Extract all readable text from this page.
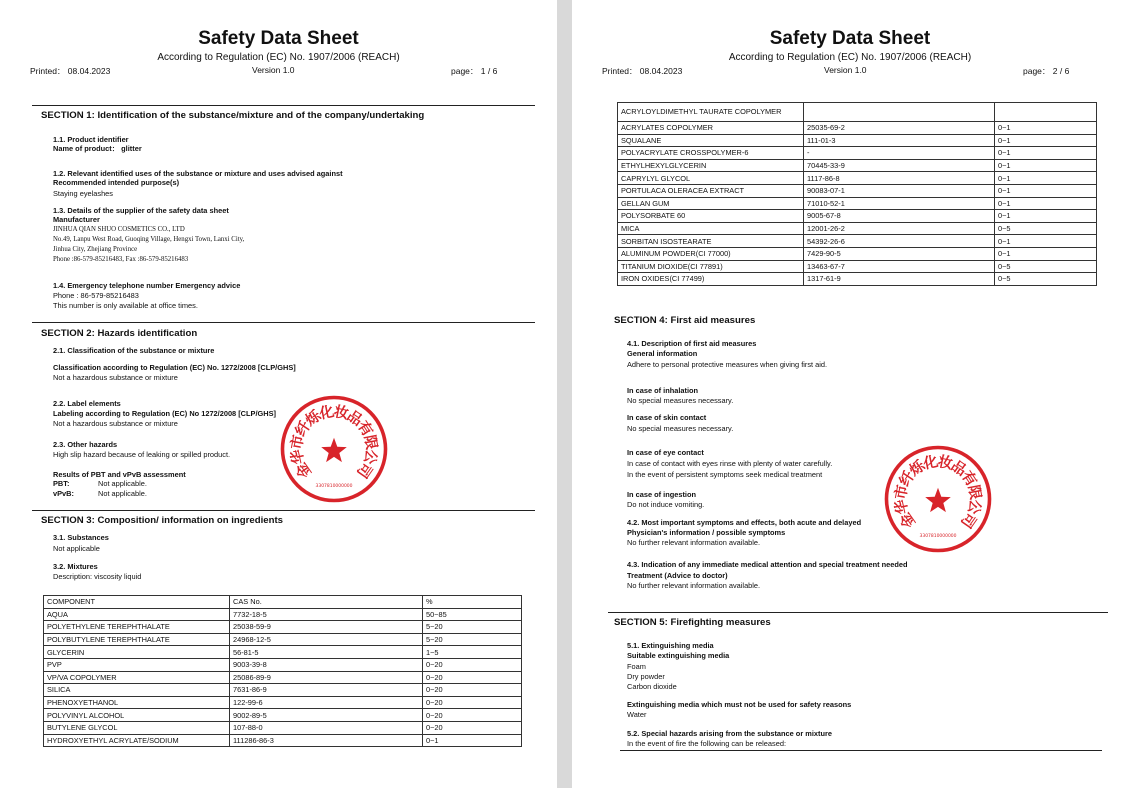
Safety Data Sheet
According to Regulation (EC) No. 1907/2006 (REACH)
Printed： 08.04.2023	Version 1.0	page： 1 / 6
SECTION 1: Identification of the substance/mixture and of the company/undertaking
1.1. Product identifier
Name of product： glitter
1.2. Relevant identified uses of the substance or mixture and uses advised against
Recommended intended purpose(s)
Staying eyelashes
1.3. Details of the supplier of the safety data sheet
Manufacturer
JINHUA QIAN SHUO COSMETICS CO., LTD
No.49, Lanpu West Road, Guoqing Village, Hengxi Town, Lanxi City,
Jinhua City, Zhejiang Province
Phone :86-579-85216483, Fax :86-579-85216483
1.4. Emergency telephone number Emergency advice
Phone : 86-579-85216483
This number is only available at office times.
SECTION 2: Hazards identification
2.1. Classification of the substance or mixture
Classification according to Regulation (EC) No. 1272/2008 [CLP/GHS]
Not a hazardous substance or mixture
2.2. Label elements
Labeling according to Regulation (EC) No 1272/2008 [CLP/GHS]
Not a hazardous substance or mixture
2.3. Other hazards
High slip hazard because of leaking or spilled product.
Results of PBT and vPvB assessment
PBT:	Not applicable.
vPvB:	Not applicable.
SECTION 3: Composition/ information on ingredients
3.1. Substances
Not applicable
3.2. Mixtures
Description: viscosity liquid
COMPONENT	CAS No.	%
AQUA	7732-18-5	50~85
POLYETHYLENE TEREPHTHALATE	25038-59-9	5~20
POLYBUTYLENE TEREPHTHALATE	24968-12-5	5~20
GLYCERIN	56-81-5	1~5
PVP	9003-39-8	0~20
VP/VA COPOLYMER	25086-89-9	0~20
SILICA	7631-86-9	0~20
PHENOXYETHANOL	122-99-6	0~20
POLYVINYL ALCOHOL	9002-89-5	0~20
BUTYLENE GLYCOL	107-88-0	0~20
HYDROXYETHYL ACRYLATE/SODIUM	111286-86-3	0~1
金
华
市
纤
烁
化
妆
品
有
限
公
司
3307810000000
Safety Data Sheet
According to Regulation (EC) No. 1907/2006 (REACH)
Printed： 08.04.2023	Version 1.0	page： 2 / 6
ACRYLOYLDIMETHYL TAURATE COPOLYMER		
ACRYLATES COPOLYMER	25035-69-2	0~1
SQUALANE	111-01-3	0~1
POLYACRYLATE CROSSPOLYMER-6	-	0~1
ETHYLHEXYLGLYCERIN	70445-33-9	0~1
CAPRYLYL GLYCOL	1117-86-8	0~1
PORTULACA OLERACEA EXTRACT	90083-07-1	0~1
GELLAN GUM	71010-52-1	0~1
POLYSORBATE 60	9005-67-8	0~1
MICA	12001-26-2	0~5
SORBITAN ISOSTEARATE	54392-26-6	0~1
ALUMINUM POWDER(CI 77000)	7429-90-5	0~1
TITANIUM DIOXIDE(CI 77891)	13463-67-7	0~5
IRON OXIDES(CI 77499)	1317-61-9	0~5
SECTION 4: First aid measures
4.1. Description of first aid measures
General information
Adhere to personal protective measures when giving first aid.
In case of inhalation
No special measures necessary.
In case of skin contact
No special measures necessary.
In case of eye contact
In case of contact with eyes rinse with plenty of water carefully.
In the event of persistent symptoms seek medical treatment
In case of ingestion
Do not induce vomiting.
4.2. Most important symptoms and effects, both acute and delayed
Physician's information / possible symptoms
No further relevant information available.
4.3. Indication of any immediate medical attention and special treatment needed
Treatment (Advice to doctor)
No further relevant information available.
SECTION 5: Firefighting measures
5.1. Extinguishing media
Suitable extinguishing media
Foam
Dry powder
Carbon dioxide
Extinguishing media which must not be used for safety reasons
Water
5.2. Special hazards arising from the substance or mixture
In the event of fire the following can be released:
金
华
市
纤
烁
化
妆
品
有
限
公
司
3307810000000
